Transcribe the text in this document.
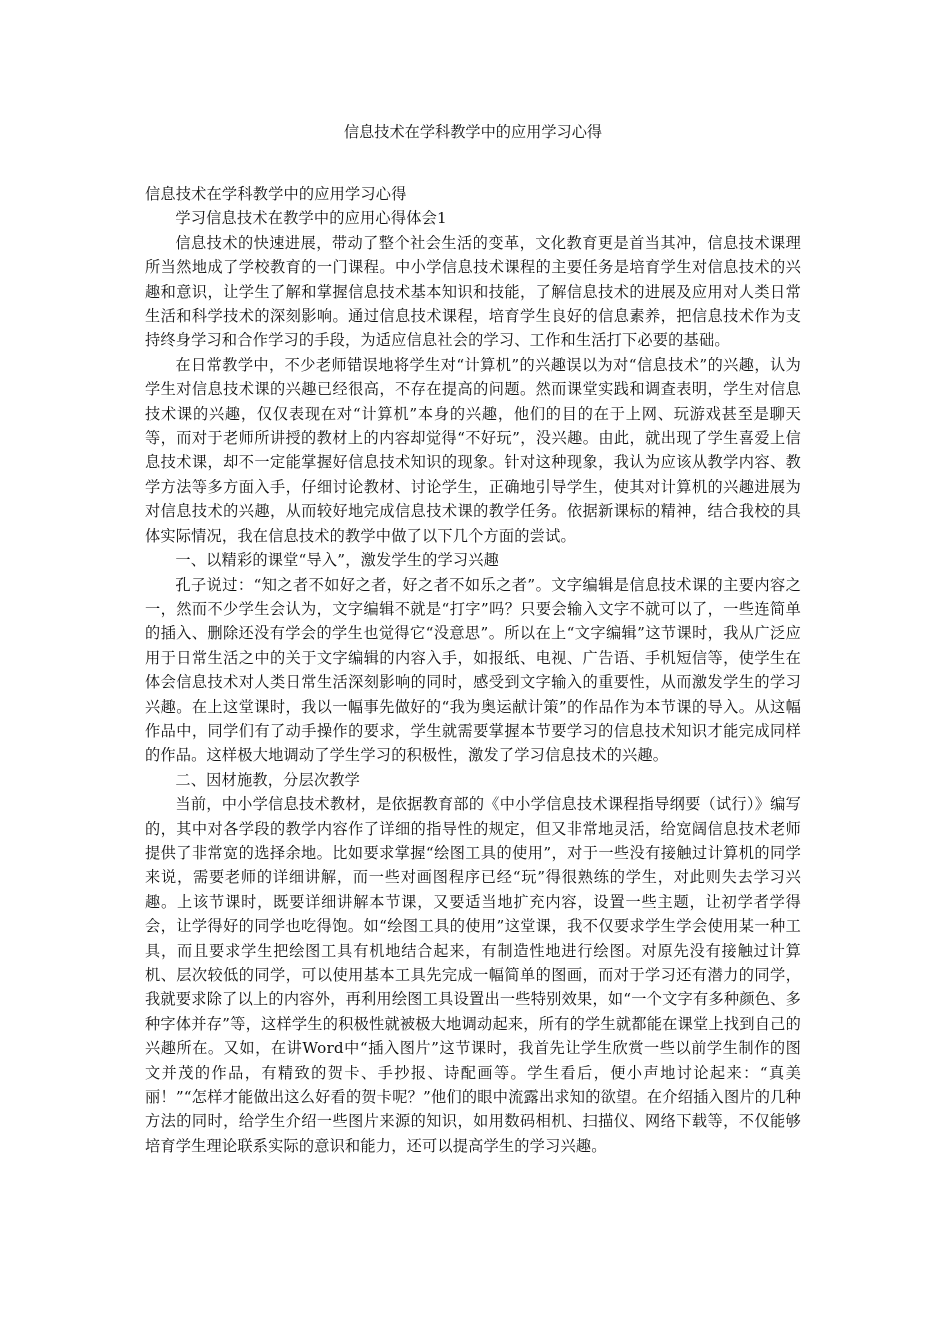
信息技术在学科教学中的应用学习心得

信息技术在学科教学中的应用学习心得

学习信息技术在教学中的应用心得体会1

信息技术的快速进展，带动了整个社会生活的变革，文化教育更是首当其冲，信息技术课理所当然地成了学校教育的一门课程。中小学信息技术课程的主要任务是培育学生对信息技术的兴趣和意识，让学生了解和掌握信息技术基本知识和技能，了解信息技术的进展及应用对人类日常生活和科学技术的深刻影响。通过信息技术课程，培育学生良好的信息素养，把信息技术作为支持终身学习和合作学习的手段，为适应信息社会的学习、工作和生活打下必要的基础。

在日常教学中，不少老师错误地将学生对“计算机”的兴趣误以为对“信息技术”的兴趣，认为学生对信息技术课的兴趣已经很高，不存在提高的问题。然而课堂实践和调查表明，学生对信息技术课的兴趣，仅仅表现在对“计算机”本身的兴趣，他们的目的在于上网、玩游戏甚至是聊天等，而对于老师所讲授的教材上的内容却觉得“不好玩”，没兴趣。由此，就出现了学生喜爱上信息技术课，却不一定能掌握好信息技术知识的现象。针对这种现象，我认为应该从教学内容、教学方法等多方面入手，仔细讨论教材、讨论学生，正确地引导学生，使其对计算机的兴趣进展为对信息技术的兴趣，从而较好地完成信息技术课的教学任务。依据新课标的精神，结合我校的具体实际情况，我在信息技术的教学中做了以下几个方面的尝试。

一、以精彩的课堂“导入”，激发学生的学习兴趣

孔子说过：“知之者不如好之者，好之者不如乐之者”。文字编辑是信息技术课的主要内容之一，然而不少学生会认为，文字编辑不就是“打字”吗？只要会输入文字不就可以了，一些连简单的插入、删除还没有学会的学生也觉得它“没意思”。所以在上“文字编辑”这节课时，我从广泛应用于日常生活之中的关于文字编辑的内容入手，如报纸、电视、广告语、手机短信等，使学生在体会信息技术对人类日常生活深刻影响的同时，感受到文字输入的重要性，从而激发学生的学习兴趣。在上这堂课时，我以一幅事先做好的“我为奥运献计策”的作品作为本节课的导入。从这幅作品中，同学们有了动手操作的要求，学生就需要掌握本节要学习的信息技术知识才能完成同样的作品。这样极大地调动了学生学习的积极性，激发了学习信息技术的兴趣。

二、因材施教，分层次教学

当前，中小学信息技术教材，是依据教育部的《中小学信息技术课程指导纲要（试行）》编写的，其中对各学段的教学内容作了详细的指导性的规定，但又非常地灵活，给宽阔信息技术老师提供了非常宽的选择余地。比如要求掌握“绘图工具的使用”，对于一些没有接触过计算机的同学来说，需要老师的详细讲解，而一些对画图程序已经“玩”得很熟练的学生，对此则失去学习兴趣。上该节课时，既要详细讲解本节课，又要适当地扩充内容，设置一些主题，让初学者学得会，让学得好的同学也吃得饱。如“绘图工具的使用”这堂课，我不仅要求学生学会使用某一种工具，而且要求学生把绘图工具有机地结合起来，有制造性地进行绘图。对原先没有接触过计算机、层次较低的同学，可以使用基本工具先完成一幅简单的图画，而对于学习还有潜力的同学，我就要求除了以上的内容外，再利用绘图工具设置出一些特别效果，如“一个文字有多种颜色、多种字体并存”等，这样学生的积极性就被极大地调动起来，所有的学生就都能在课堂上找到自己的兴趣所在。又如，在讲Word中“插入图片”这节课时，我首先让学生欣赏一些以前学生制作的图文并茂的作品，有精致的贺卡、手抄报、诗配画等。学生看后，便小声地讨论起来：“真美丽！”“怎样才能做出这么好看的贺卡呢？”他们的眼中流露出求知的欲望。在介绍插入图片的几种方法的同时，给学生介绍一些图片来源的知识，如用数码相机、扫描仪、网络下载等，不仅能够培育学生理论联系实际的意识和能力，还可以提高学生的学习兴趣。
